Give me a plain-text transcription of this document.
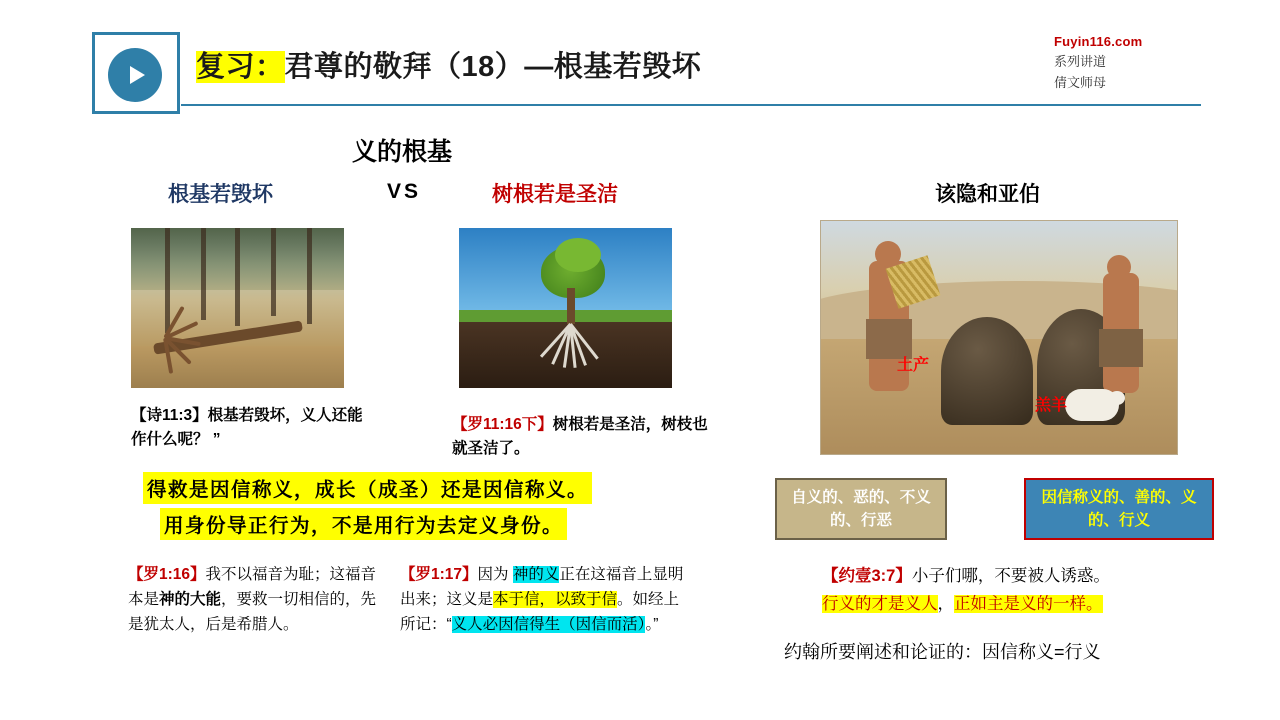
复习：君尊的敬拜（18）—根基若毁坏
Fuyin116.com
系列讲道
倩文师母
义的根基
根基若毁坏	VS	树根若是圣洁
【诗11:3】根基若毁坏，义人还能作什么呢？ ”
【罗11:16下】树根若是圣洁，树枝也就圣洁了。
得救是因信称义，成长（成圣）还是因信称义。
用身份导正行为，不是用行为去定义身份。
【罗1:16】我不以福音为耻；这福音本是神的大能，要救一切相信的，先是犹太人，后是希腊人。
【罗1:17】因为 神的义正在这福音上显明出来；这义是本于信，以致于信。如经上所记：“义人必因信得生（因信而活）。”
该隐和亚伯
土产
羔羊
自义的、恶的、不义的、行恶
因信称义的、善的、义的、行义
【约壹3:7】小子们哪，不要被人诱惑。
行义的才是义人，正如主是义的一样。
约翰所要阐述和论证的：因信称义=行义
